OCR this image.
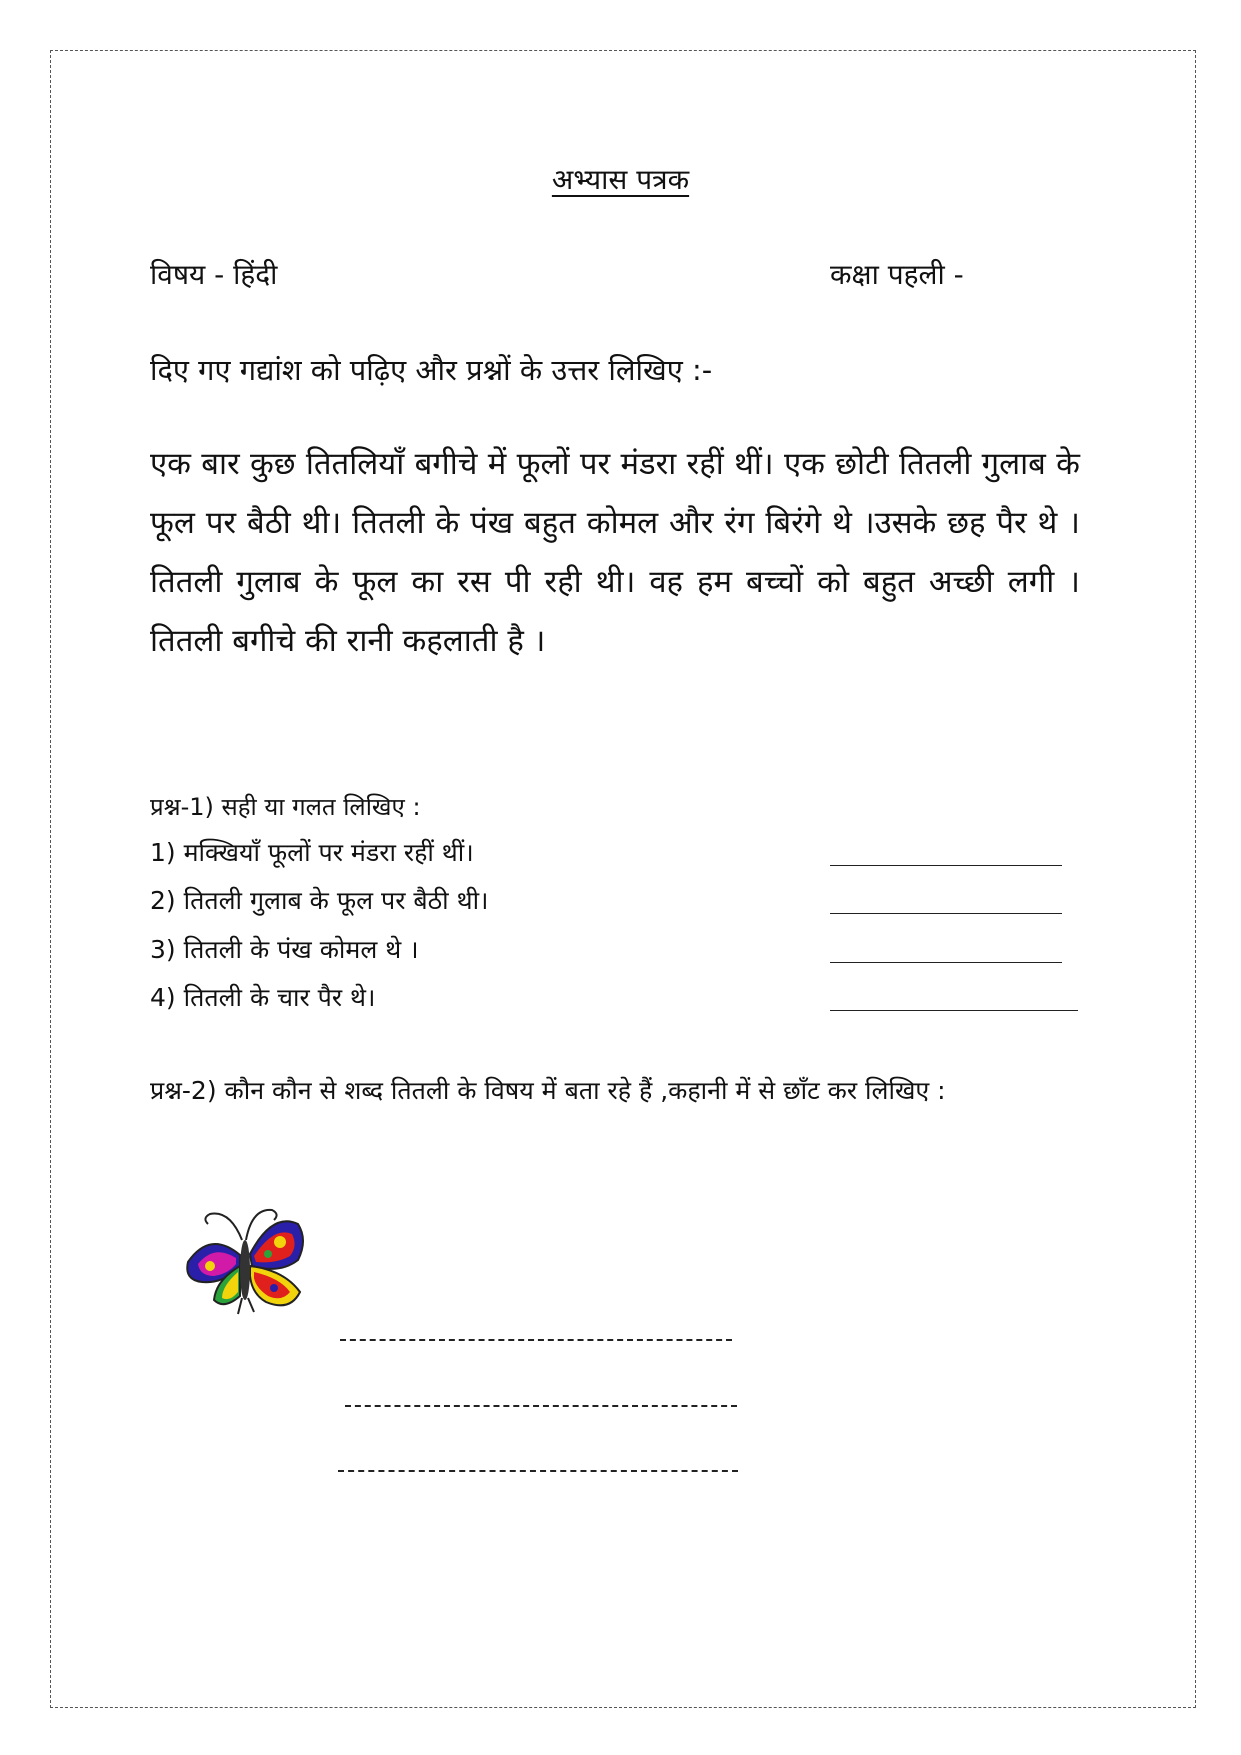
अभ्यास पत्रक
विषय - हिंदी	कक्षा पहली -
दिए गए गद्यांश को पढ़िए और प्रश्नों के उत्तर लिखिए :-
एक बार कुछ तितलियाँ बगीचे में फूलों पर मंडरा रहीं थीं। एक छोटी तितली गुलाब के फूल पर बैठी थी। तितली के पंख बहुत कोमल और रंग बिरंगे थे ।उसके छह पैर थे ।तितली गुलाब के फूल का रस पी रही थी। वह हम बच्चों को बहुत अच्छी लगी । तितली बगीचे की रानी कहलाती है ।
प्रश्न-1) सही या गलत लिखिए :
1) मक्खियाँ फूलों पर मंडरा रहीं थीं।
2) तितली गुलाब के फूल पर बैठी थी।
3) तितली के पंख कोमल थे ।
4) तितली के चार पैर थे।
प्रश्न-2) कौन कौन से शब्द तितली के विषय में बता रहे हैं ,कहानी में से छाँट कर लिखिए :
